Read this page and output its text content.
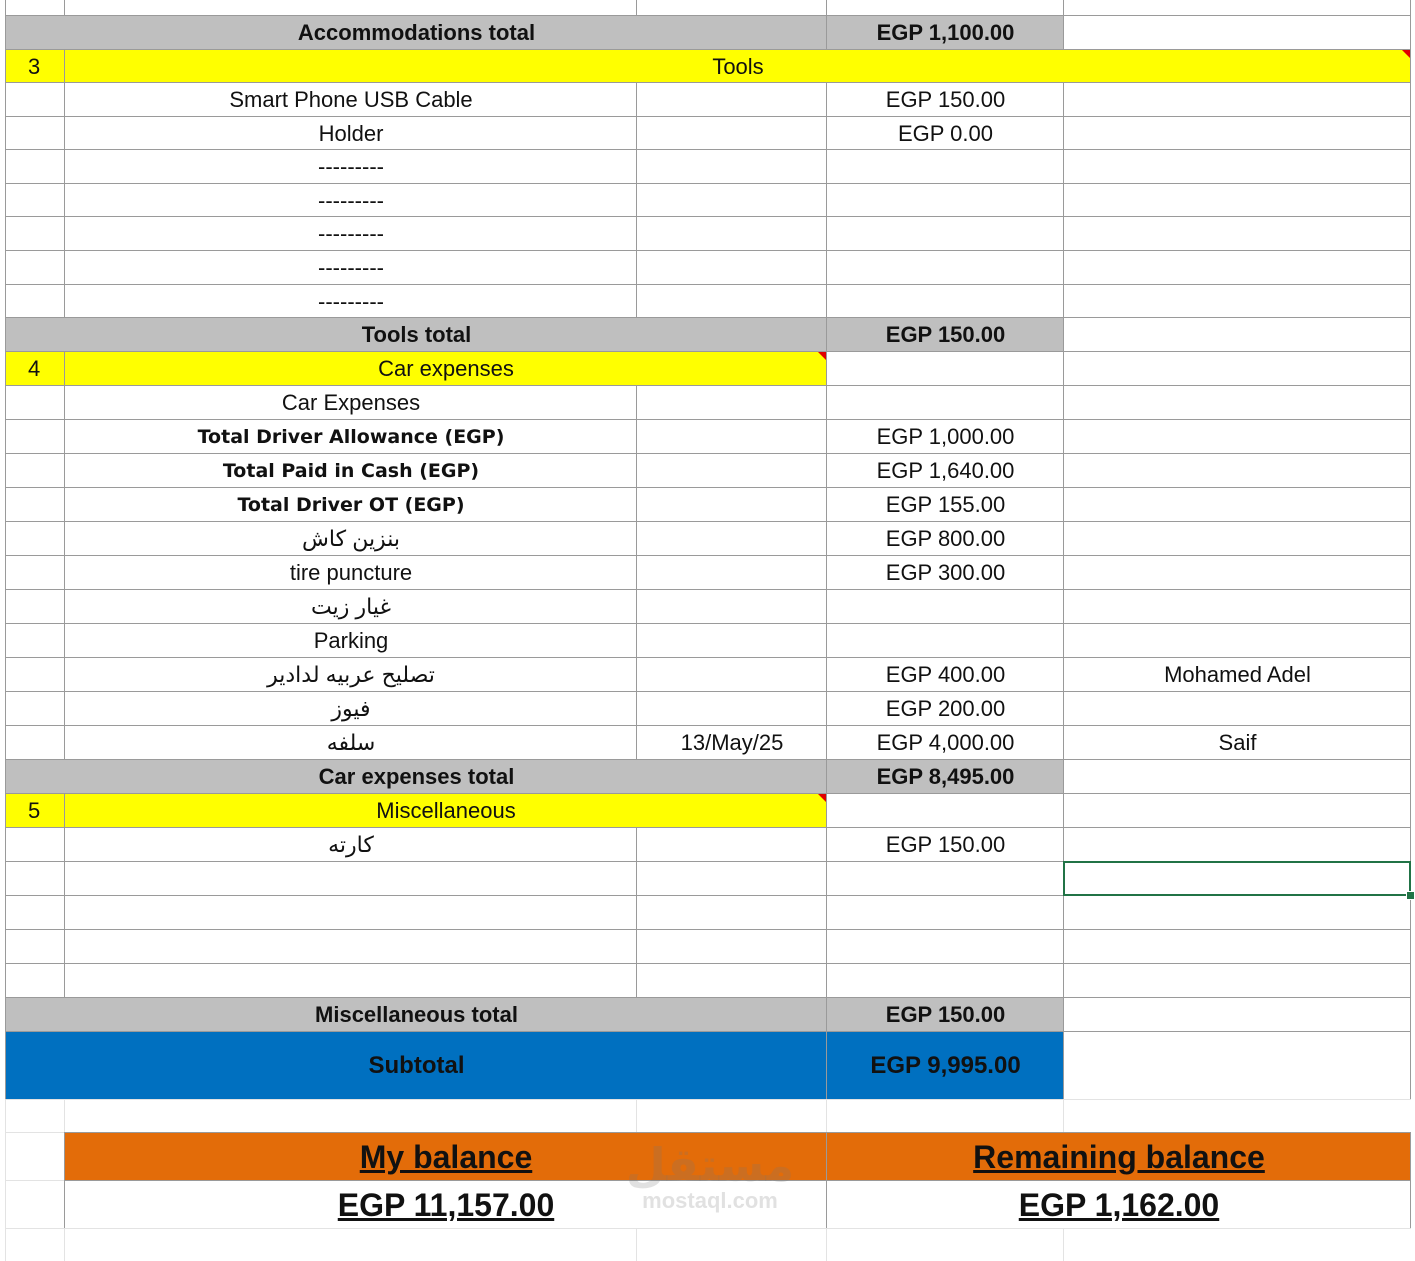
Accommodations total	EGP 1,100.00
3	Tools
Smart Phone USB Cable	EGP 150.00
Holder	EGP 0.00
---------
---------
---------
---------
---------
Tools total	EGP 150.00
4	Car expenses
Car Expenses
Total Driver Allowance (EGP)	EGP 1,000.00
Total Paid in Cash (EGP)	EGP 1,640.00
Total Driver OT (EGP)	EGP 155.00
بنزين كاش	EGP 800.00
tire puncture	EGP 300.00
غيار زيت
Parking
تصليح عربيه لدادير	EGP 400.00	Mohamed Adel
فيوز	EGP 200.00
سلفه	13/May/25	EGP 4,000.00	Saif
Car expenses total	EGP 8,495.00
5	Miscellaneous
كارته	EGP 150.00
Miscellaneous total	EGP 150.00
Subtotal	EGP 9,995.00
My balance	Remaining balance
EGP 11,157.00	EGP 1,162.00
مستقل
mostaql.com
